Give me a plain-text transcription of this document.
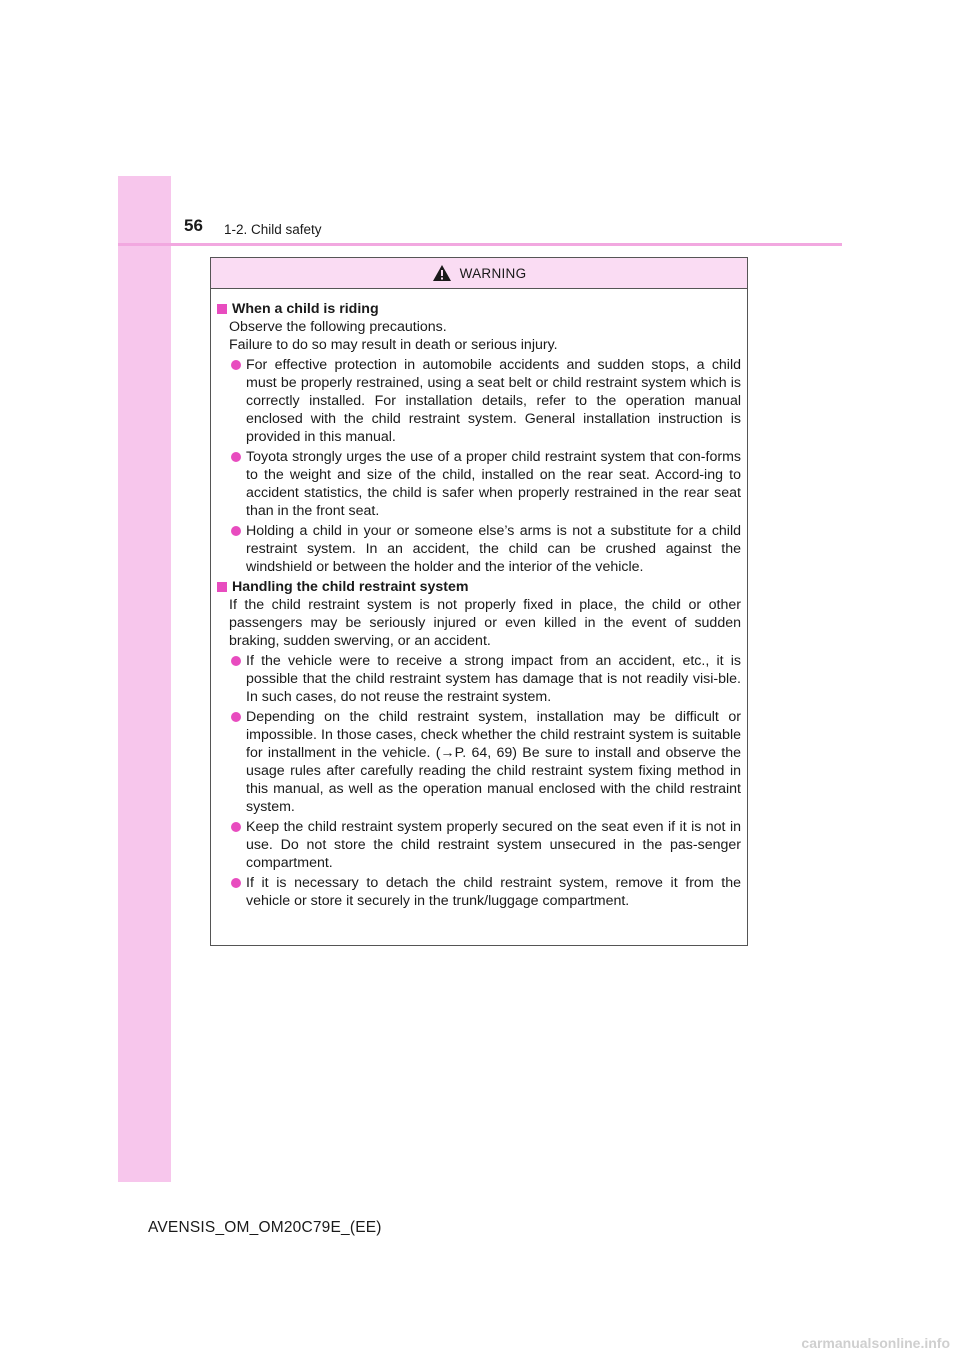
56 1-2. Child safety
WARNING
When a child is riding
Observe the following precautions.
Failure to do so may result in death or serious injury.
For effective protection in automobile accidents and sudden stops, a child must be properly restrained, using a seat belt or child restraint system which is correctly installed. For installation details, refer to the operation manual enclosed with the child restraint system. General installation instruction is provided in this manual.
Toyota strongly urges the use of a proper child restraint system that con-forms to the weight and size of the child, installed on the rear seat. Accord-ing to accident statistics, the child is safer when properly restrained in the rear seat than in the front seat.
Holding a child in your or someone else’s arms is not a substitute for a child restraint system. In an accident, the child can be crushed against the windshield or between the holder and the interior of the vehicle.
Handling the child restraint system
If the child restraint system is not properly fixed in place, the child or other passengers may be seriously injured or even killed in the event of sudden braking, sudden swerving, or an accident.
If the vehicle were to receive a strong impact from an accident, etc., it is possible that the child restraint system has damage that is not readily visi-ble. In such cases, do not reuse the restraint system.
Depending on the child restraint system, installation may be difficult or impossible. In those cases, check whether the child restraint system is suitable for installment in the vehicle. (→P. 64, 69) Be sure to install and observe the usage rules after carefully reading the child restraint system fixing method in this manual, as well as the operation manual enclosed with the child restraint system.
Keep the child restraint system properly secured on the seat even if it is not in use. Do not store the child restraint system unsecured in the pas-senger compartment.
If it is necessary to detach the child restraint system, remove it from the vehicle or store it securely in the trunk/luggage compartment.
AVENSIS_OM_OM20C79E_(EE)
carmanualsonline.info
